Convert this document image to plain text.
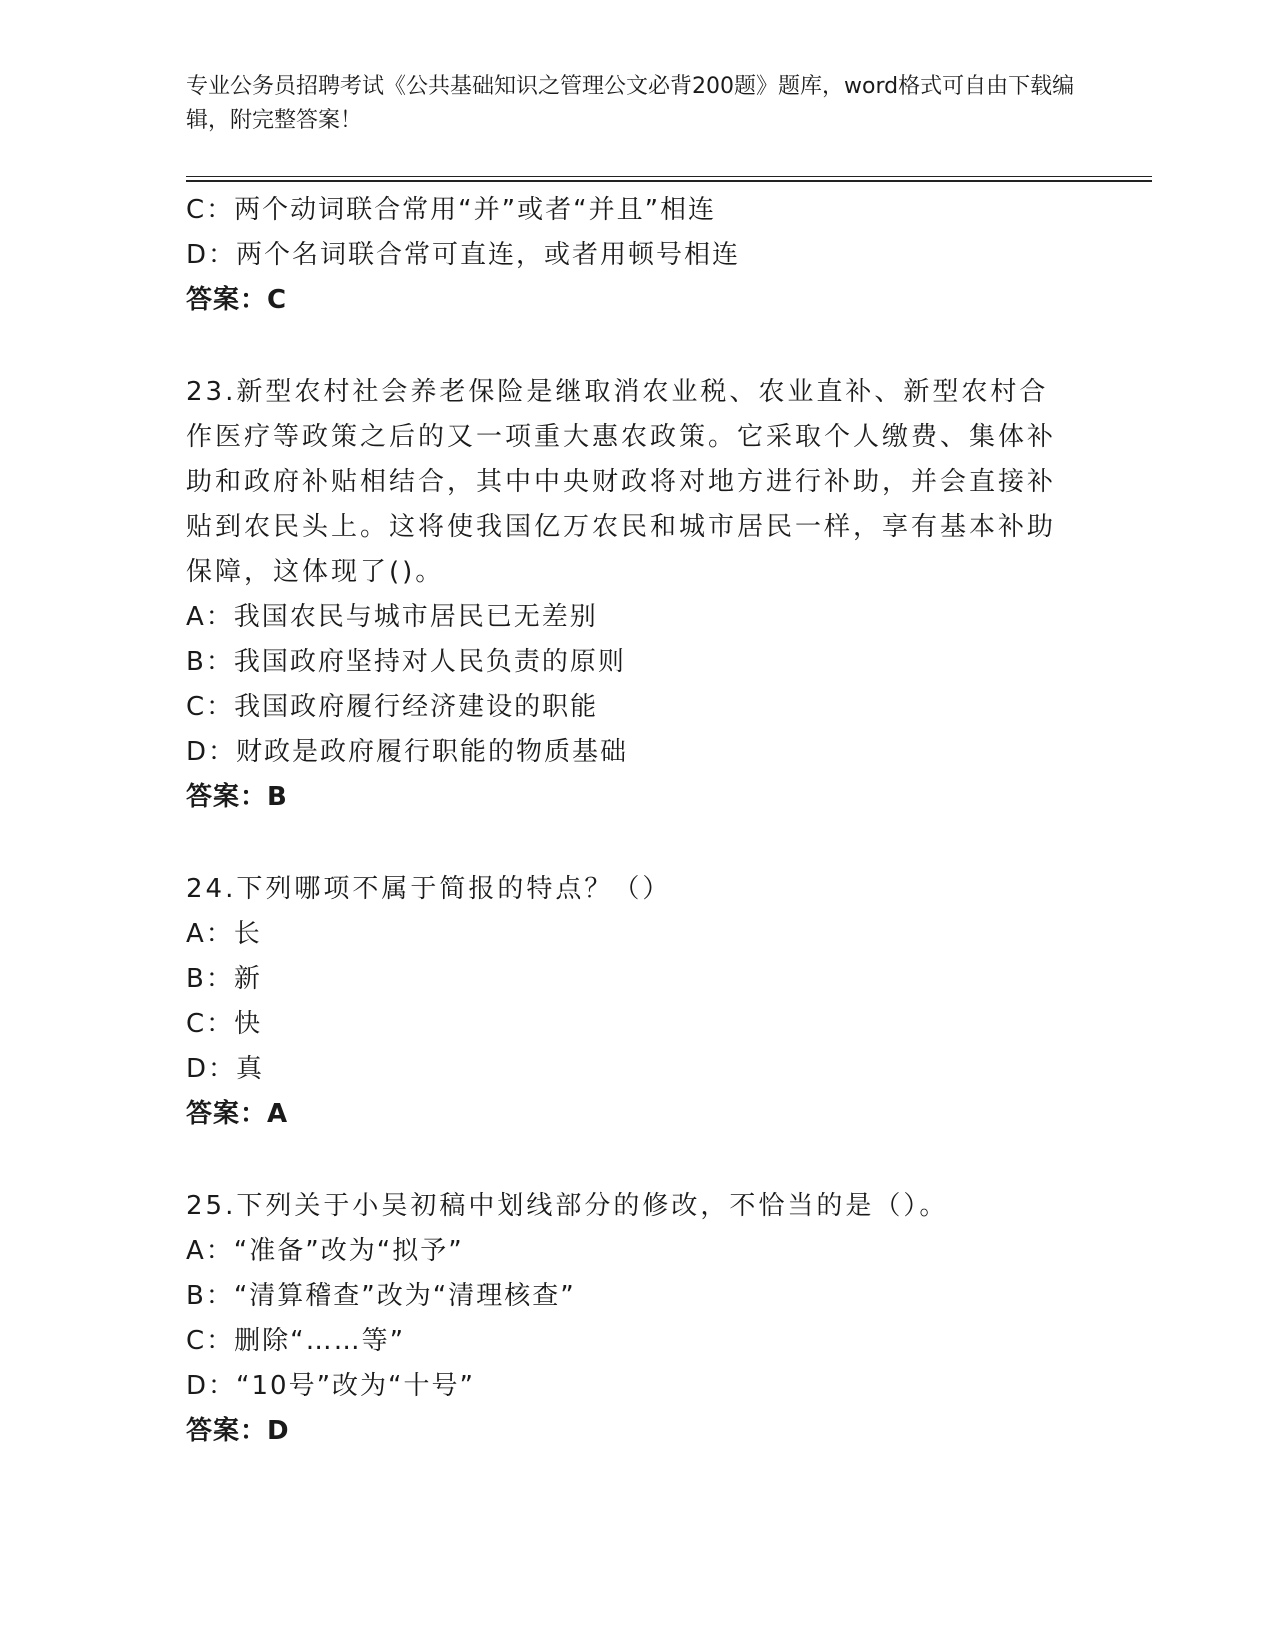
专业公务员招聘考试《公共基础知识之管理公文必背200题》题库，word格式可自由下载编辑，附完整答案！
C：两个动词联合常用“并”或者“并且”相连
D：两个名词联合常可直连，或者用顿号相连
答案：C
23.新型农村社会养老保险是继取消农业税、农业直补、新型农村合作医疗等政策之后的又一项重大惠农政策。它采取个人缴费、集体补助和政府补贴相结合，其中中央财政将对地方进行补助，并会直接补贴到农民头上。这将使我国亿万农民和城市居民一样，享有基本补助保障，这体现了()。
A：我国农民与城市居民已无差别
B：我国政府坚持对人民负责的原则
C：我国政府履行经济建设的职能
D：财政是政府履行职能的物质基础
答案：B
24.下列哪项不属于简报的特点？（）
A：长
B：新
C：快
D：真
答案：A
25.下列关于小吴初稿中划线部分的修改，不恰当的是（）。
A：“准备”改为“拟予”
B：“清算稽查”改为“清理核查”
C：删除“……等”
D：“10号”改为“十号”
答案：D
